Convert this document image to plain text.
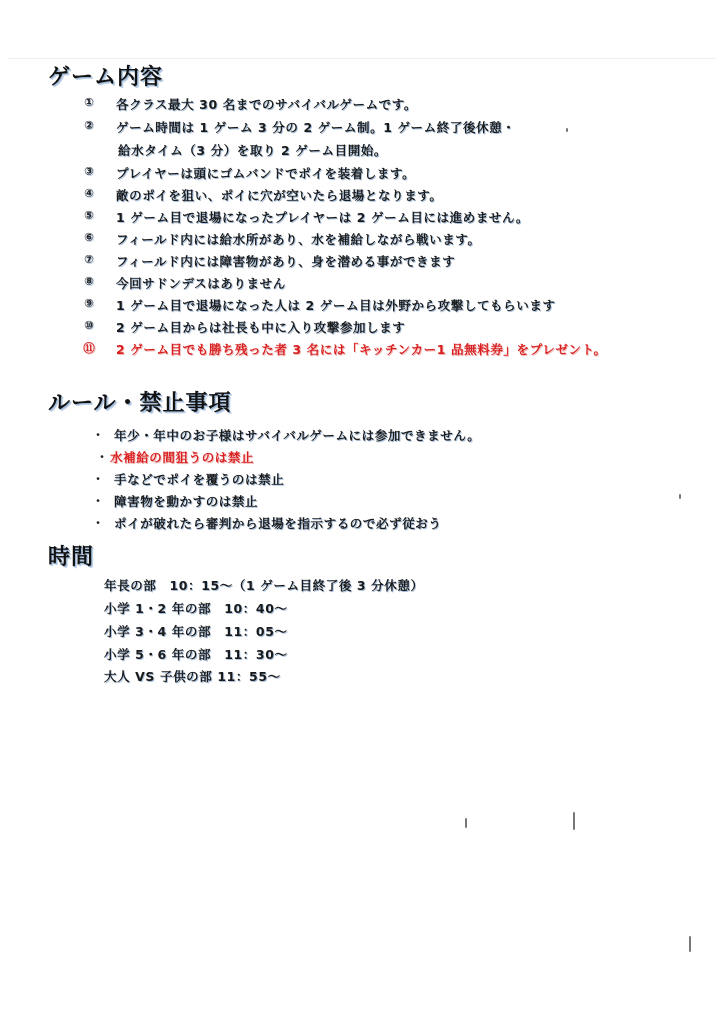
ゲーム内容
①	各クラス最大 30 名までのサバイバルゲームです。
②	ゲーム時間は 1 ゲーム 3 分の 2 ゲーム制。1 ゲーム終了後休憩・
給水タイム（3 分）を取り 2 ゲーム目開始。
③	プレイヤーは頭にゴムバンドでポイを装着します。
④	敵のポイを狙い、ポイに穴が空いたら退場となります。
⑤	1 ゲーム目で退場になったプレイヤーは 2 ゲーム目には進めません。
⑥	フィールド内には給水所があり、水を補給しながら戦います。
⑦	フィールド内には障害物があり、身を潜める事ができます
⑧	今回サドンデスはありません
⑨	1 ゲーム目で退場になった人は 2 ゲーム目は外野から攻撃してもらいます
⑩	2 ゲーム目からは社長も中に入り攻撃参加します
⑪ 2 ゲーム目でも勝ち残った者 3 名には「キッチンカー1 品無料券」をプレゼント。
ルール・禁止事項
・ 年少・年中のお子様はサバイバルゲームには参加できません。
・ 水補給の間狙うのは禁止
・ 手などでポイを覆うのは禁止
・ 障害物を動かすのは禁止
・ ポイが破れたら審判から退場を指示するので必ず従おう
時間
年長の部　10：15～（1 ゲーム目終了後 3 分休憩）
小学 1・2 年の部　10：40～
小学 3・4 年の部　11：05～
小学 5・6 年の部　11：30～
大人 VS 子供の部 11：55～
